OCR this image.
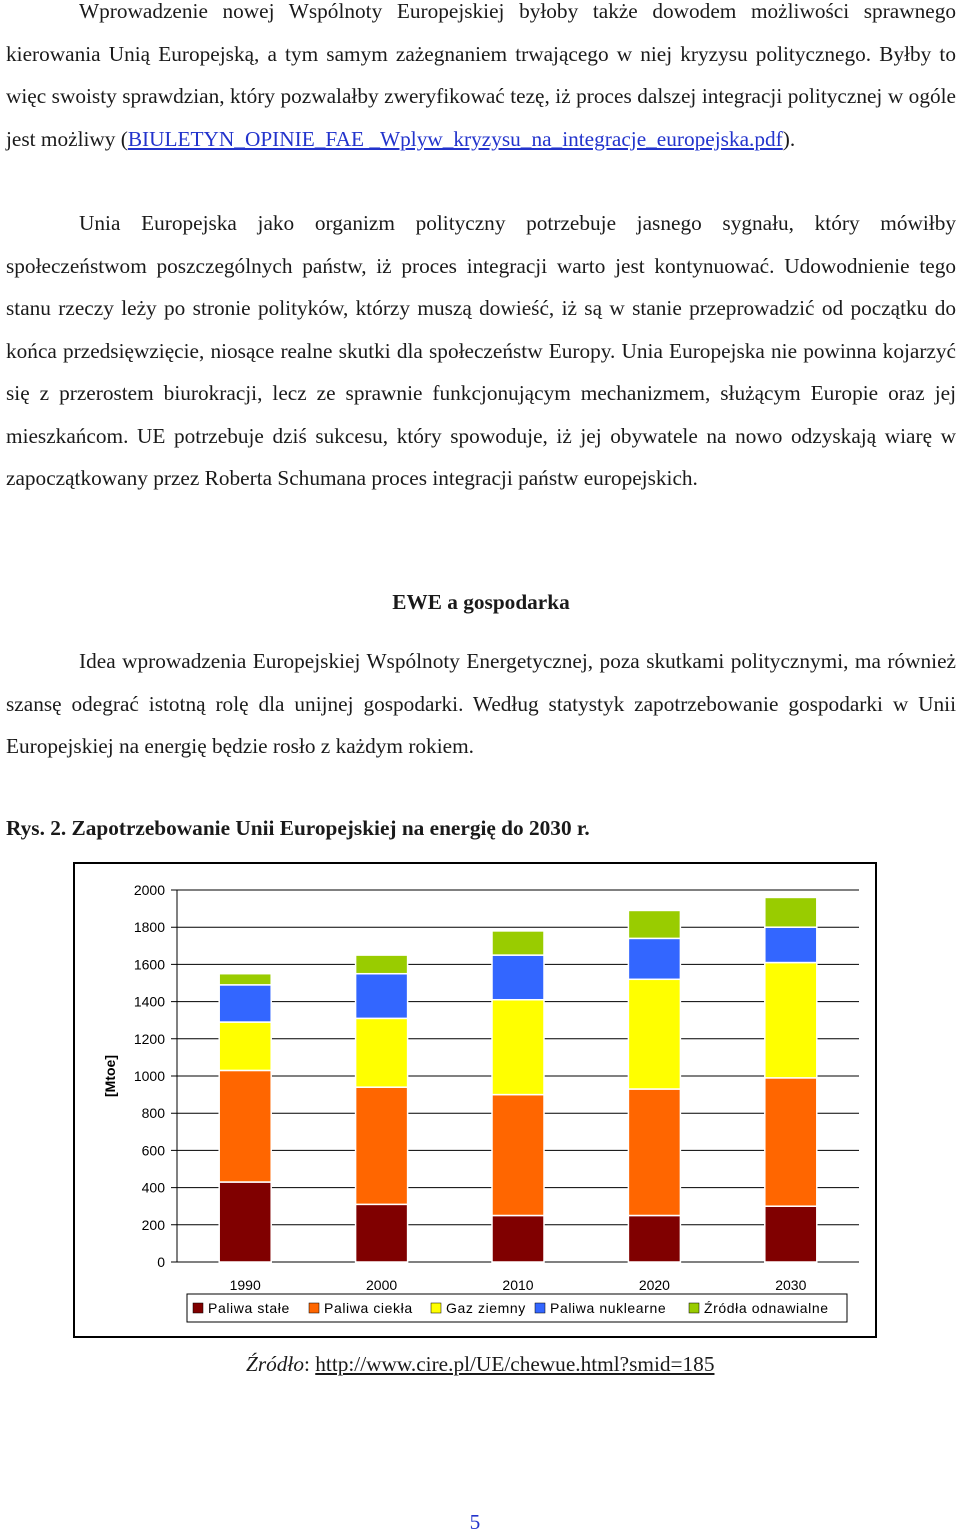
Wprowadzenie nowej Wspólnoty Europejskiej byłoby także dowodem możliwości sprawnego kierowania Unią Europejską, a tym samym zażegnaniem trwającego w niej kryzysu politycznego. Byłby to więc swoisty sprawdzian, który pozwalałby zweryfikować tezę, iż proces dalszej integracji politycznej w ogóle jest możliwy (BIULETYN_OPINIE_FAE _Wplyw_kryzysu_na_integracje_europejska.pdf).

Unia Europejska jako organizm polityczny potrzebuje jasnego sygnału, który mówiłby społeczeństwom poszczególnych państw, iż proces integracji warto jest kontynuować. Udowodnienie tego stanu rzeczy leży po stronie polityków, którzy muszą dowieść, iż są w stanie przeprowadzić od początku do końca przedsięwzięcie, niosące realne skutki dla społeczeństw Europy. Unia Europejska nie powinna kojarzyć się z przerostem biurokracji, lecz ze sprawnie funkcjonującym mechanizmem, służącym Europie oraz jej mieszkańcom. UE potrzebuje dziś sukcesu, który spowoduje, iż jej obywatele na nowo odzyskają wiarę w zapoczątkowany przez Roberta Schumana proces integracji państw europejskich.

EWE a gospodarka

Idea wprowadzenia Europejskiej Wspólnoty Energetycznej, poza skutkami politycznymi, ma również szansę odegrać istotną rolę dla unijnej gospodarki. Według statystyk zapotrzebowanie gospodarki w Unii Europejskiej na energię będzie rosło z każdym rokiem.

Rys. 2. Zapotrzebowanie Unii Europejskiej na energię do 2030 r.

0
200
400
600
800
1000
1200
1400
1600
1800
2000
[Mtoe]
1990	2000	2010	2020	2030
Paliwa stałe Paliwa ciekła Gaz ziemny Paliwa nuklearne	Źródła odnawialne

Źródło: http://www.cire.pl/UE/chewue.html?smid=185

5
